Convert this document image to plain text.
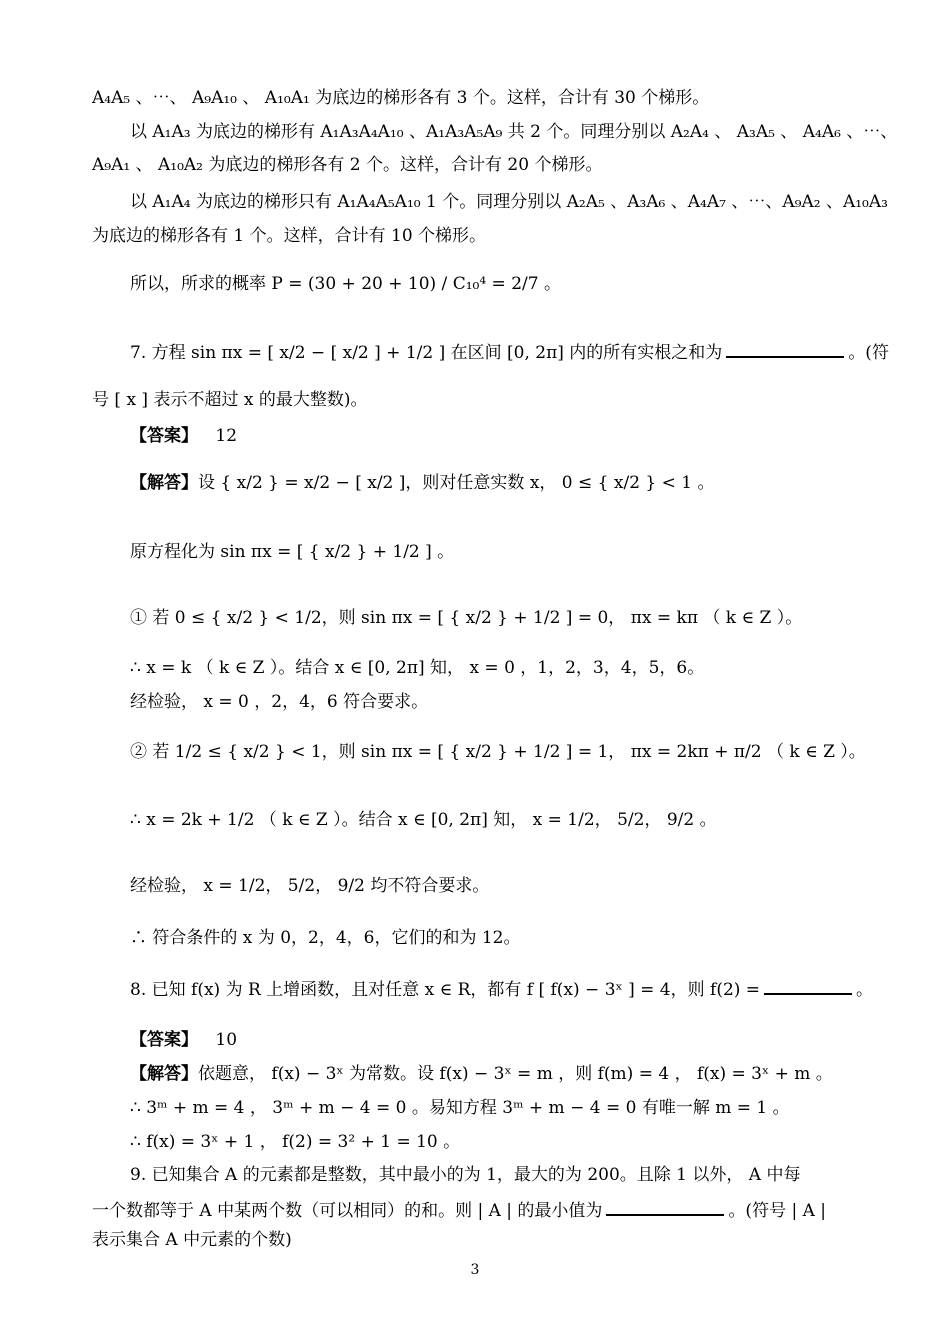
A₄A₅ 、⋯、 A₉A₁₀ 、 A₁₀A₁ 为底边的梯形各有 3 个。这样，合计有 30 个梯形。
以 A₁A₃ 为底边的梯形有 A₁A₃A₄A₁₀ 、A₁A₃A₅A₉ 共 2 个。同理分别以 A₂A₄ 、 A₃A₅ 、 A₄A₆ 、⋯、
A₉A₁ 、 A₁₀A₂ 为底边的梯形各有 2 个。这样，合计有 20 个梯形。
以 A₁A₄ 为底边的梯形只有 A₁A₄A₅A₁₀ 1 个。同理分别以 A₂A₅ 、A₃A₆ 、A₄A₇ 、⋯、A₉A₂ 、A₁₀A₃
为底边的梯形各有 1 个。这样，合计有 10 个梯形。
所以，所求的概率 P = (30 + 20 + 10) / C₁₀⁴ = 2/7 。
7. 方程 sin πx = [ x/2 − [ x/2 ] + 1/2 ] 在区间 [0, 2π] 内的所有实根之和为	。(符
号 [ x ] 表示不超过 x 的最大整数)。
【答案】 12
【解答】设 { x/2 } = x/2 − [ x/2 ]，则对任意实数 x， 0 ≤ { x/2 } < 1 。
原方程化为 sin πx = [ { x/2 } + 1/2 ] 。
① 若 0 ≤ { x/2 } < 1/2，则 sin πx = [ { x/2 } + 1/2 ] = 0， πx = kπ （ k ∈ Z ）。
∴ x = k （ k ∈ Z ）。结合 x ∈ [0, 2π] 知， x = 0 ，1，2，3，4，5，6。
经检验， x = 0 ，2，4，6 符合要求。
② 若 1/2 ≤ { x/2 } < 1，则 sin πx = [ { x/2 } + 1/2 ] = 1， πx = 2kπ + π/2 （ k ∈ Z ）。
∴ x = 2k + 1/2 （ k ∈ Z ）。结合 x ∈ [0, 2π] 知， x = 1/2， 5/2， 9/2 。
经检验， x = 1/2， 5/2， 9/2 均不符合要求。
∴ 符合条件的 x 为 0，2，4，6，它们的和为 12。
8. 已知 f(x) 为 R 上增函数，且对任意 x ∈ R，都有 f [ f(x) − 3ˣ ] = 4，则 f(2) =	。
【答案】 10
【解答】依题意， f(x) − 3ˣ 为常数。设 f(x) − 3ˣ = m ，则 f(m) = 4 ， f(x) = 3ˣ + m 。
∴ 3ᵐ + m = 4 ， 3ᵐ + m − 4 = 0 。易知方程 3ᵐ + m − 4 = 0 有唯一解 m = 1 。
∴ f(x) = 3ˣ + 1 ， f(2) = 3² + 1 = 10 。
9. 已知集合 A 的元素都是整数，其中最小的为 1，最大的为 200。且除 1 以外， A 中每
一个数都等于 A 中某两个数（可以相同）的和。则 | A | 的最小值为	。(符号 | A |
表示集合 A 中元素的个数)
3
